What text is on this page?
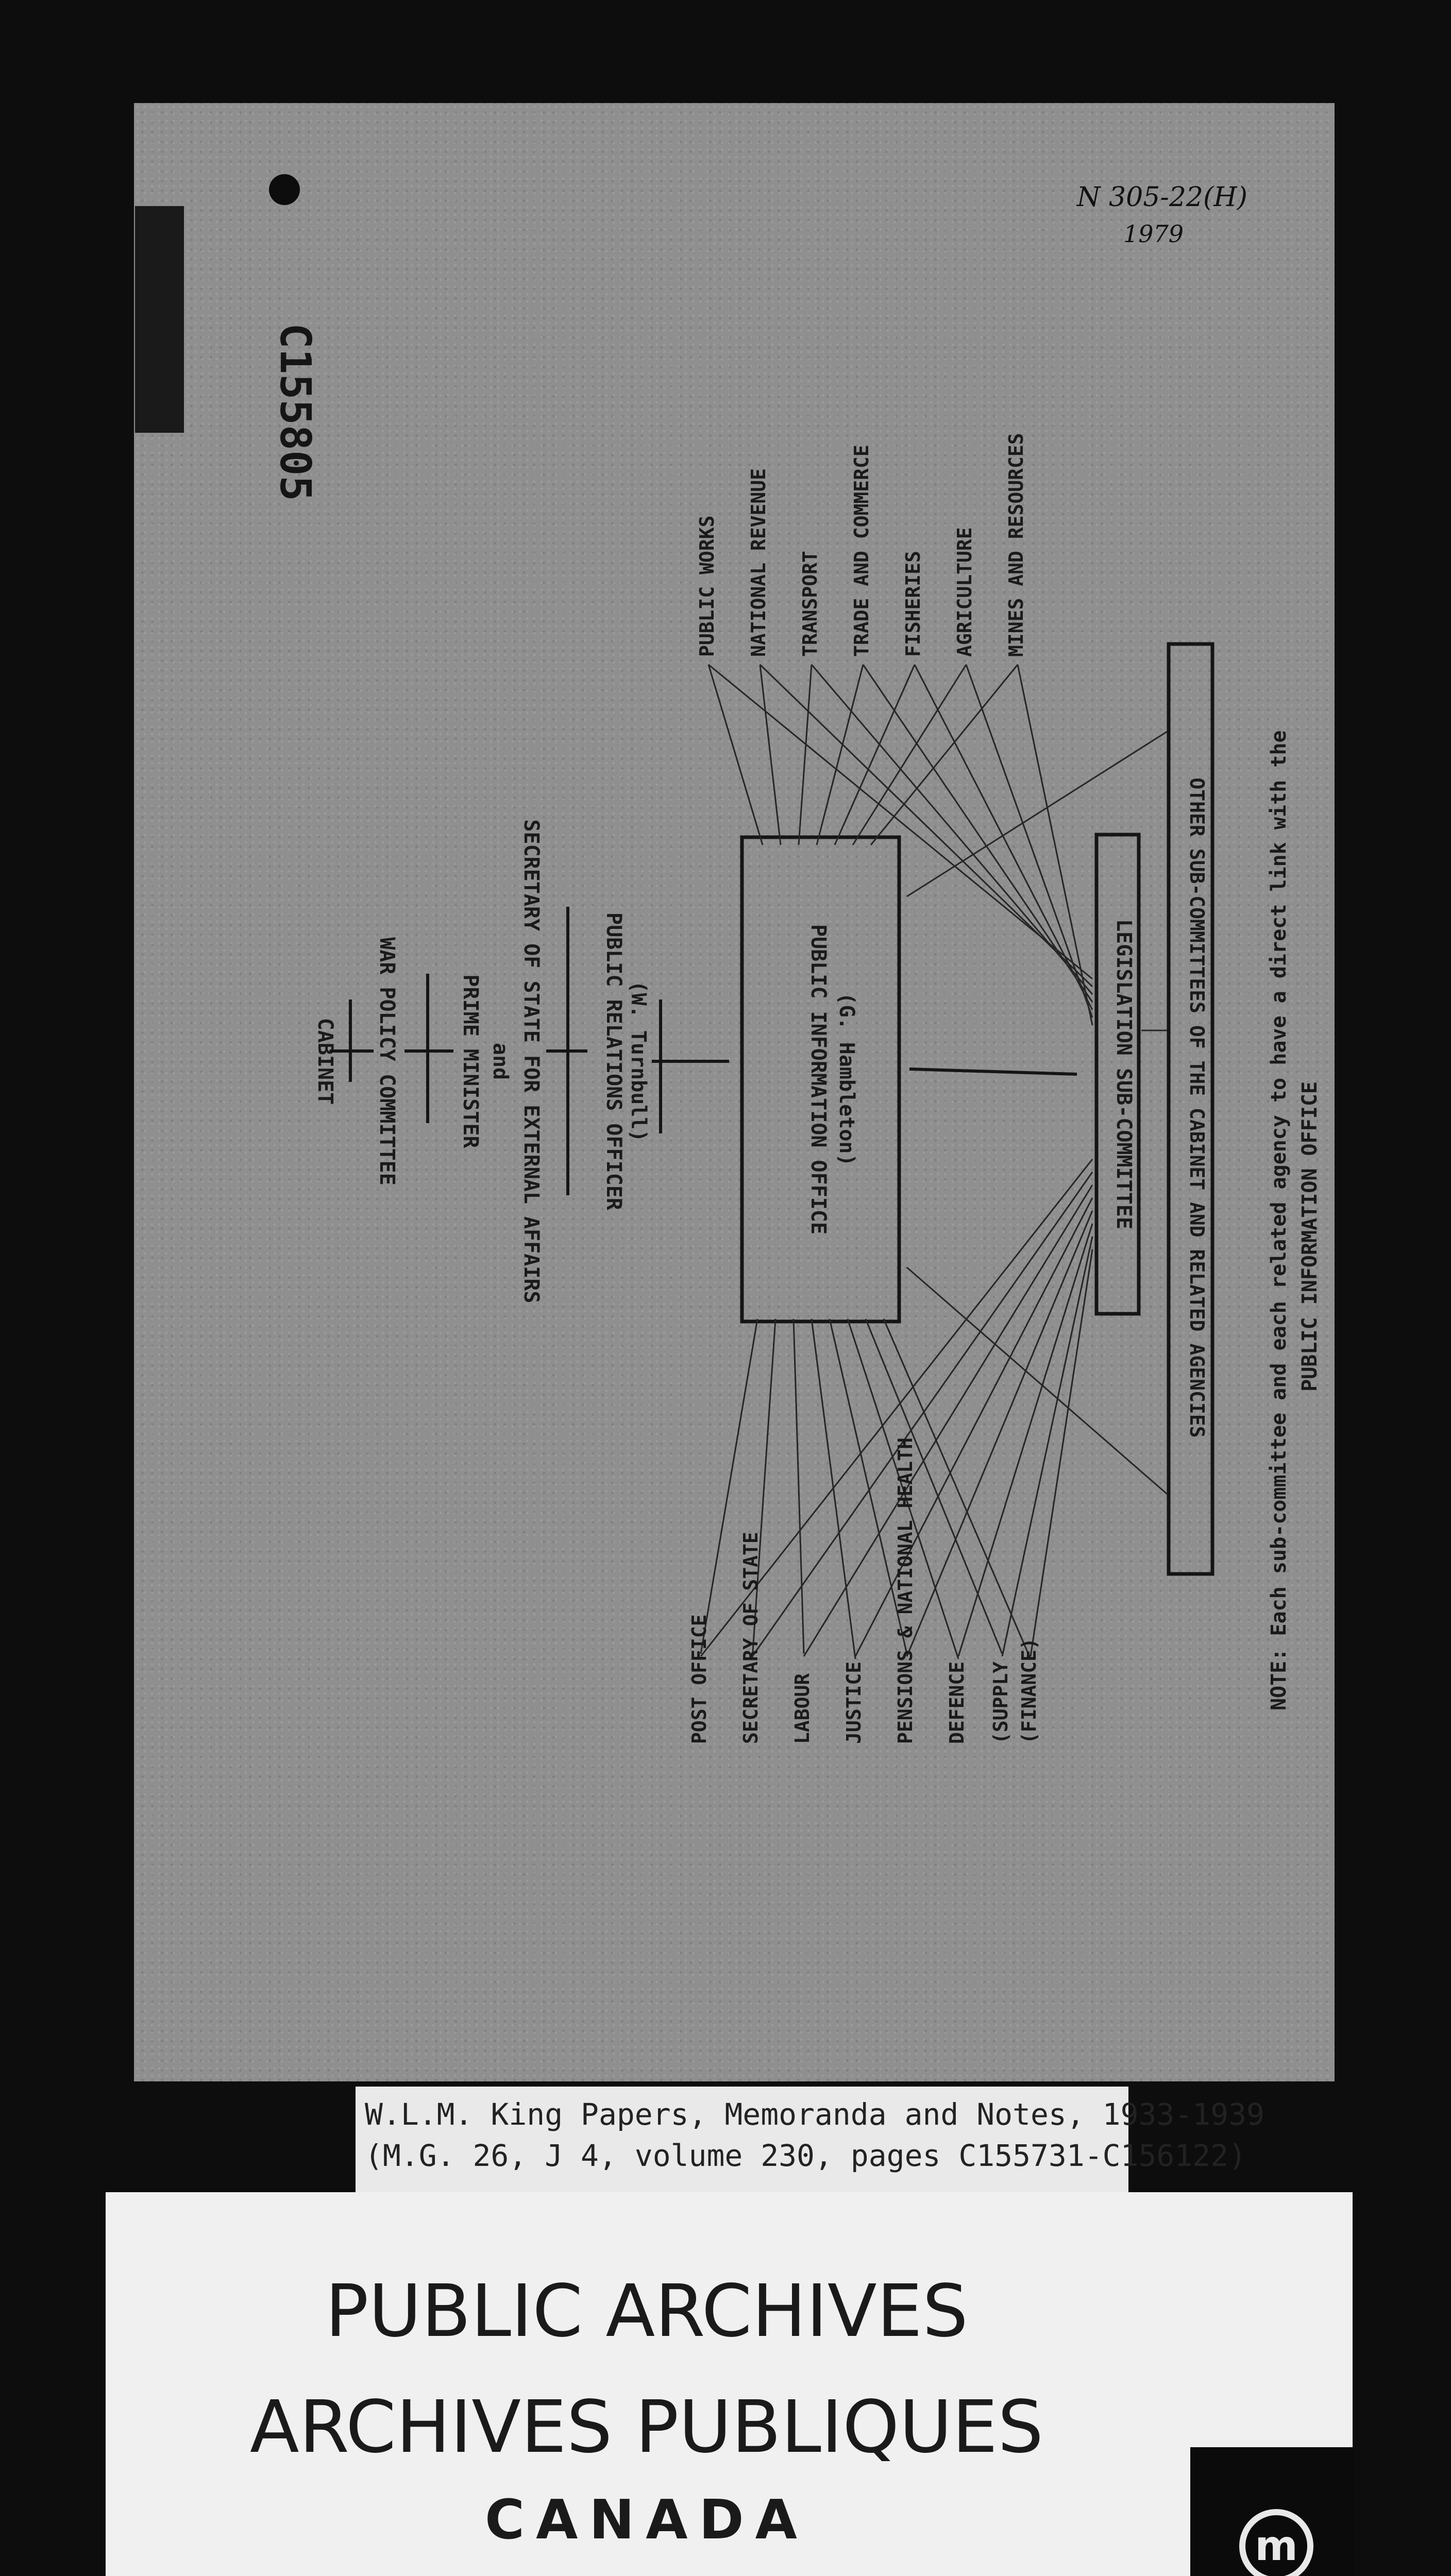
C155805
N 305-22(H)
1979
CABINET WAR POLICY COMMITTEE	PRIME MINISTER and SECRETARY OF STATE FOR EXTERNAL AFFAIRS	PUBLIC RELATIONS OFFICER (W. Turnbull)	PUBLIC INFORMATION OFFICE (G. Hambleton)	LEGISLATION SUB-COMMITTEE	OTHER SUB-COMMITTEES OF THE CABINET AND RELATED AGENCIES
PUBLIC WORKS NATIONAL REVENUE TRANSPORT TRADE AND COMMERCE FISHERIES AGRICULTURE MINES AND RESOURCES
POST OFFICE SECRETARY OF STATE LABOUR JUSTICE PENSIONS & NATIONAL HEALTH DEFENCE (SUPPLY (FINANCE)	NOTE: Each sub-committee and each related agency to have a direct link with the PUBLIC INFORMATION OFFICE
W.L.M. King Papers, Memoranda and Notes, 1933-1939
(M.G. 26, J 4, volume 230, pages C155731-C156122)
PUBLIC ARCHIVES
ARCHIVES PUBLIQUES
CANADA	m
